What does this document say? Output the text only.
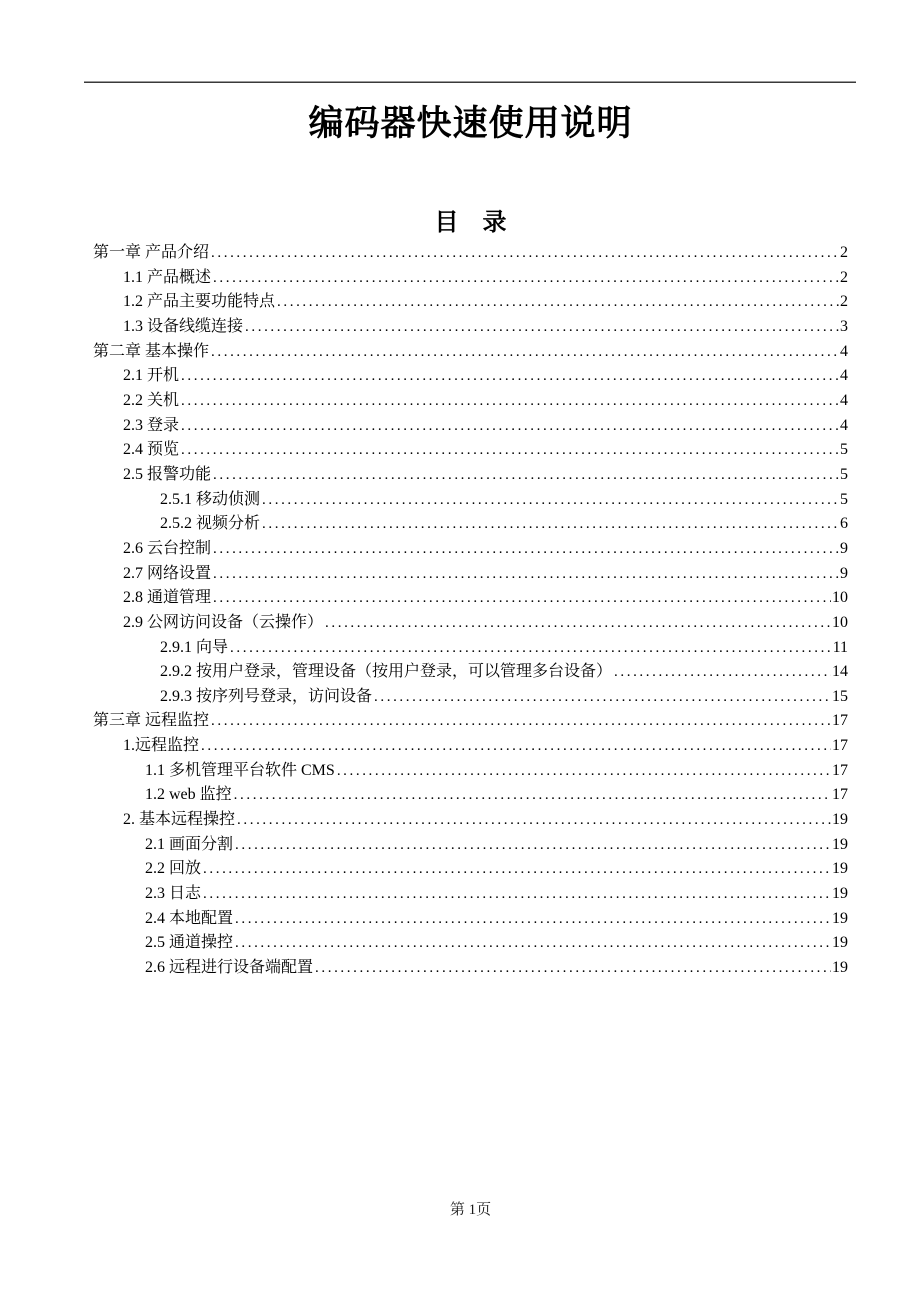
编码器快速使用说明
目　录
第一章 产品介绍 .....	2
1.1 产品概述 .....	2
1.2 产品主要功能特点 .....	2
1.3 设备线缆连接 .....	3
第二章 基本操作 .....	4
2.1 开机 .....	4
2.2 关机 .....	4
2.3 登录 .....	4
2.4 预览 .....	5
2.5 报警功能 .....	5
2.5.1 移动侦测 .....	5
2.5.2 视频分析 .....	6
2.6 云台控制 .....	9
2.7 网络设置 .....	9
2.8 通道管理 .....	10
2.9 公网访问设备（云操作） .....	10
2.9.1 向导 .....	11
2.9.2 按用户登录，管理设备（按用户登录，可以管理多台设备） .....	14
2.9.3 按序列号登录，访问设备 .....	15
第三章 远程监控 .....	17
1.远程监控 .....	17
1.1 多机管理平台软件 CMS .....	17
1.2 web 监控 .....	17
2. 基本远程操控 .....	19
2.1 画面分割 .....	19
2.2 回放 .....	19
2.3 日志 .....	19
2.4 本地配置 .....	19
2.5 通道操控 .....	19
2.6 远程进行设备端配置 .....	19
第 1页
